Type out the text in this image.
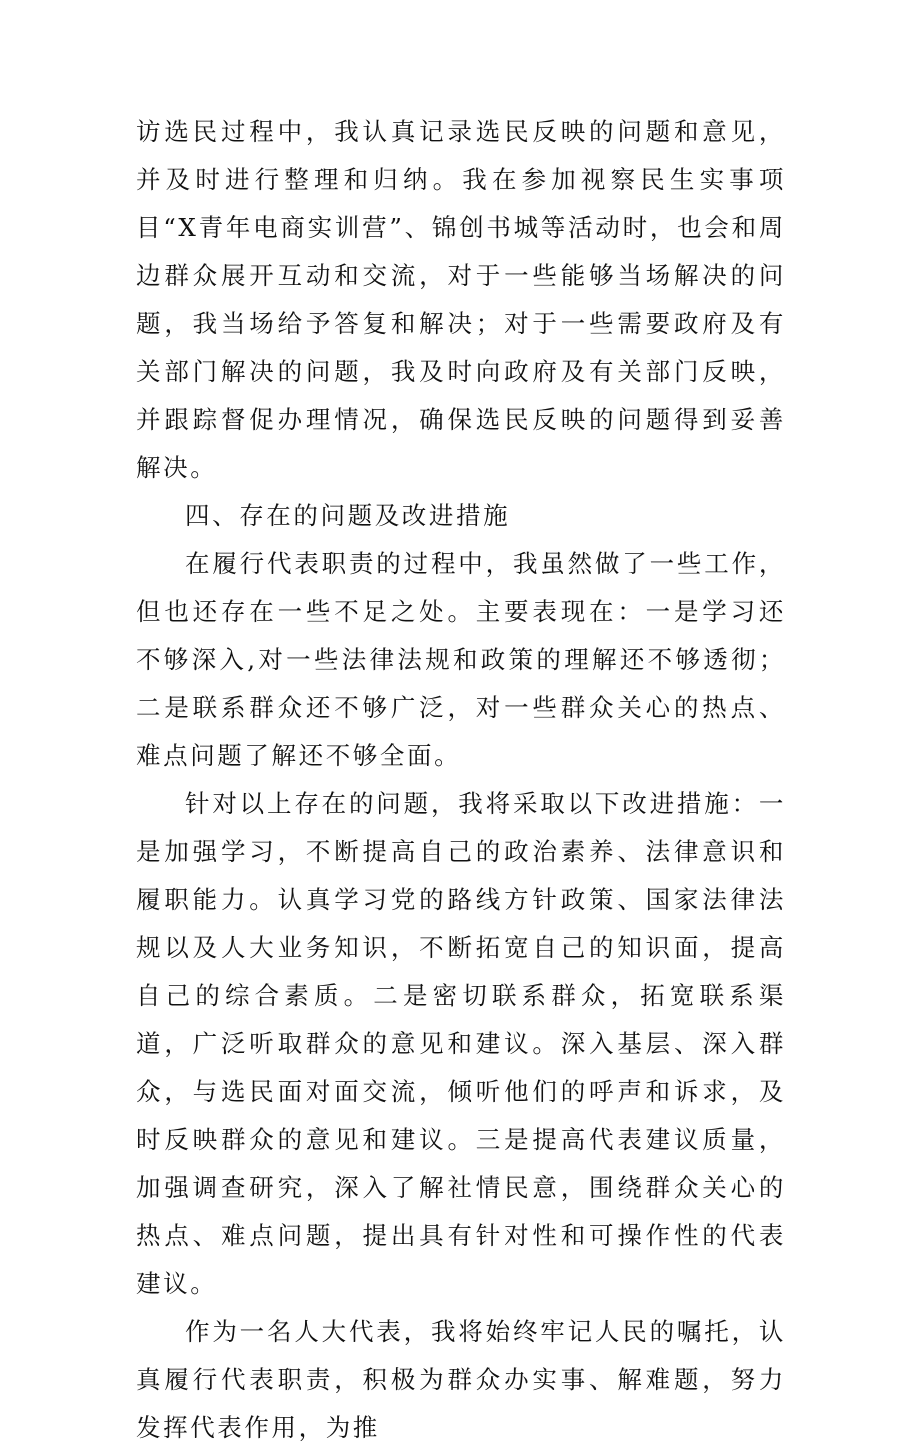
访选民过程中，我认真记录选民反映的问题和意见，并及时进行整理和归纳。我在参加视察民生实事项目“X青年电商实训营”、锦创书城等活动时，也会和周边群众展开互动和交流，对于一些能够当场解决的问题，我当场给予答复和解决；对于一些需要政府及有关部门解决的问题，我及时向政府及有关部门反映，并跟踪督促办理情况，确保选民反映的问题得到妥善解决。

四、存在的问题及改进措施

在履行代表职责的过程中，我虽然做了一些工作，但也还存在一些不足之处。主要表现在：一是学习还不够深入,对一些法律法规和政策的理解还不够透彻；二是联系群众还不够广泛，对一些群众关心的热点、难点问题了解还不够全面。

针对以上存在的问题，我将采取以下改进措施：一是加强学习，不断提高自己的政治素养、法律意识和履职能力。认真学习党的路线方针政策、国家法律法规以及人大业务知识，不断拓宽自己的知识面，提高自己的综合素质。二是密切联系群众，拓宽联系渠道，广泛听取群众的意见和建议。深入基层、深入群众，与选民面对面交流，倾听他们的呼声和诉求，及时反映群众的意见和建议。三是提高代表建议质量，加强调查研究，深入了解社情民意，围绕群众关心的热点、难点问题，提出具有针对性和可操作性的代表建议。

作为一名人大代表，我将始终牢记人民的嘱托，认真履行代表职责，积极为群众办实事、解难题，努力发挥代表作用，为推
